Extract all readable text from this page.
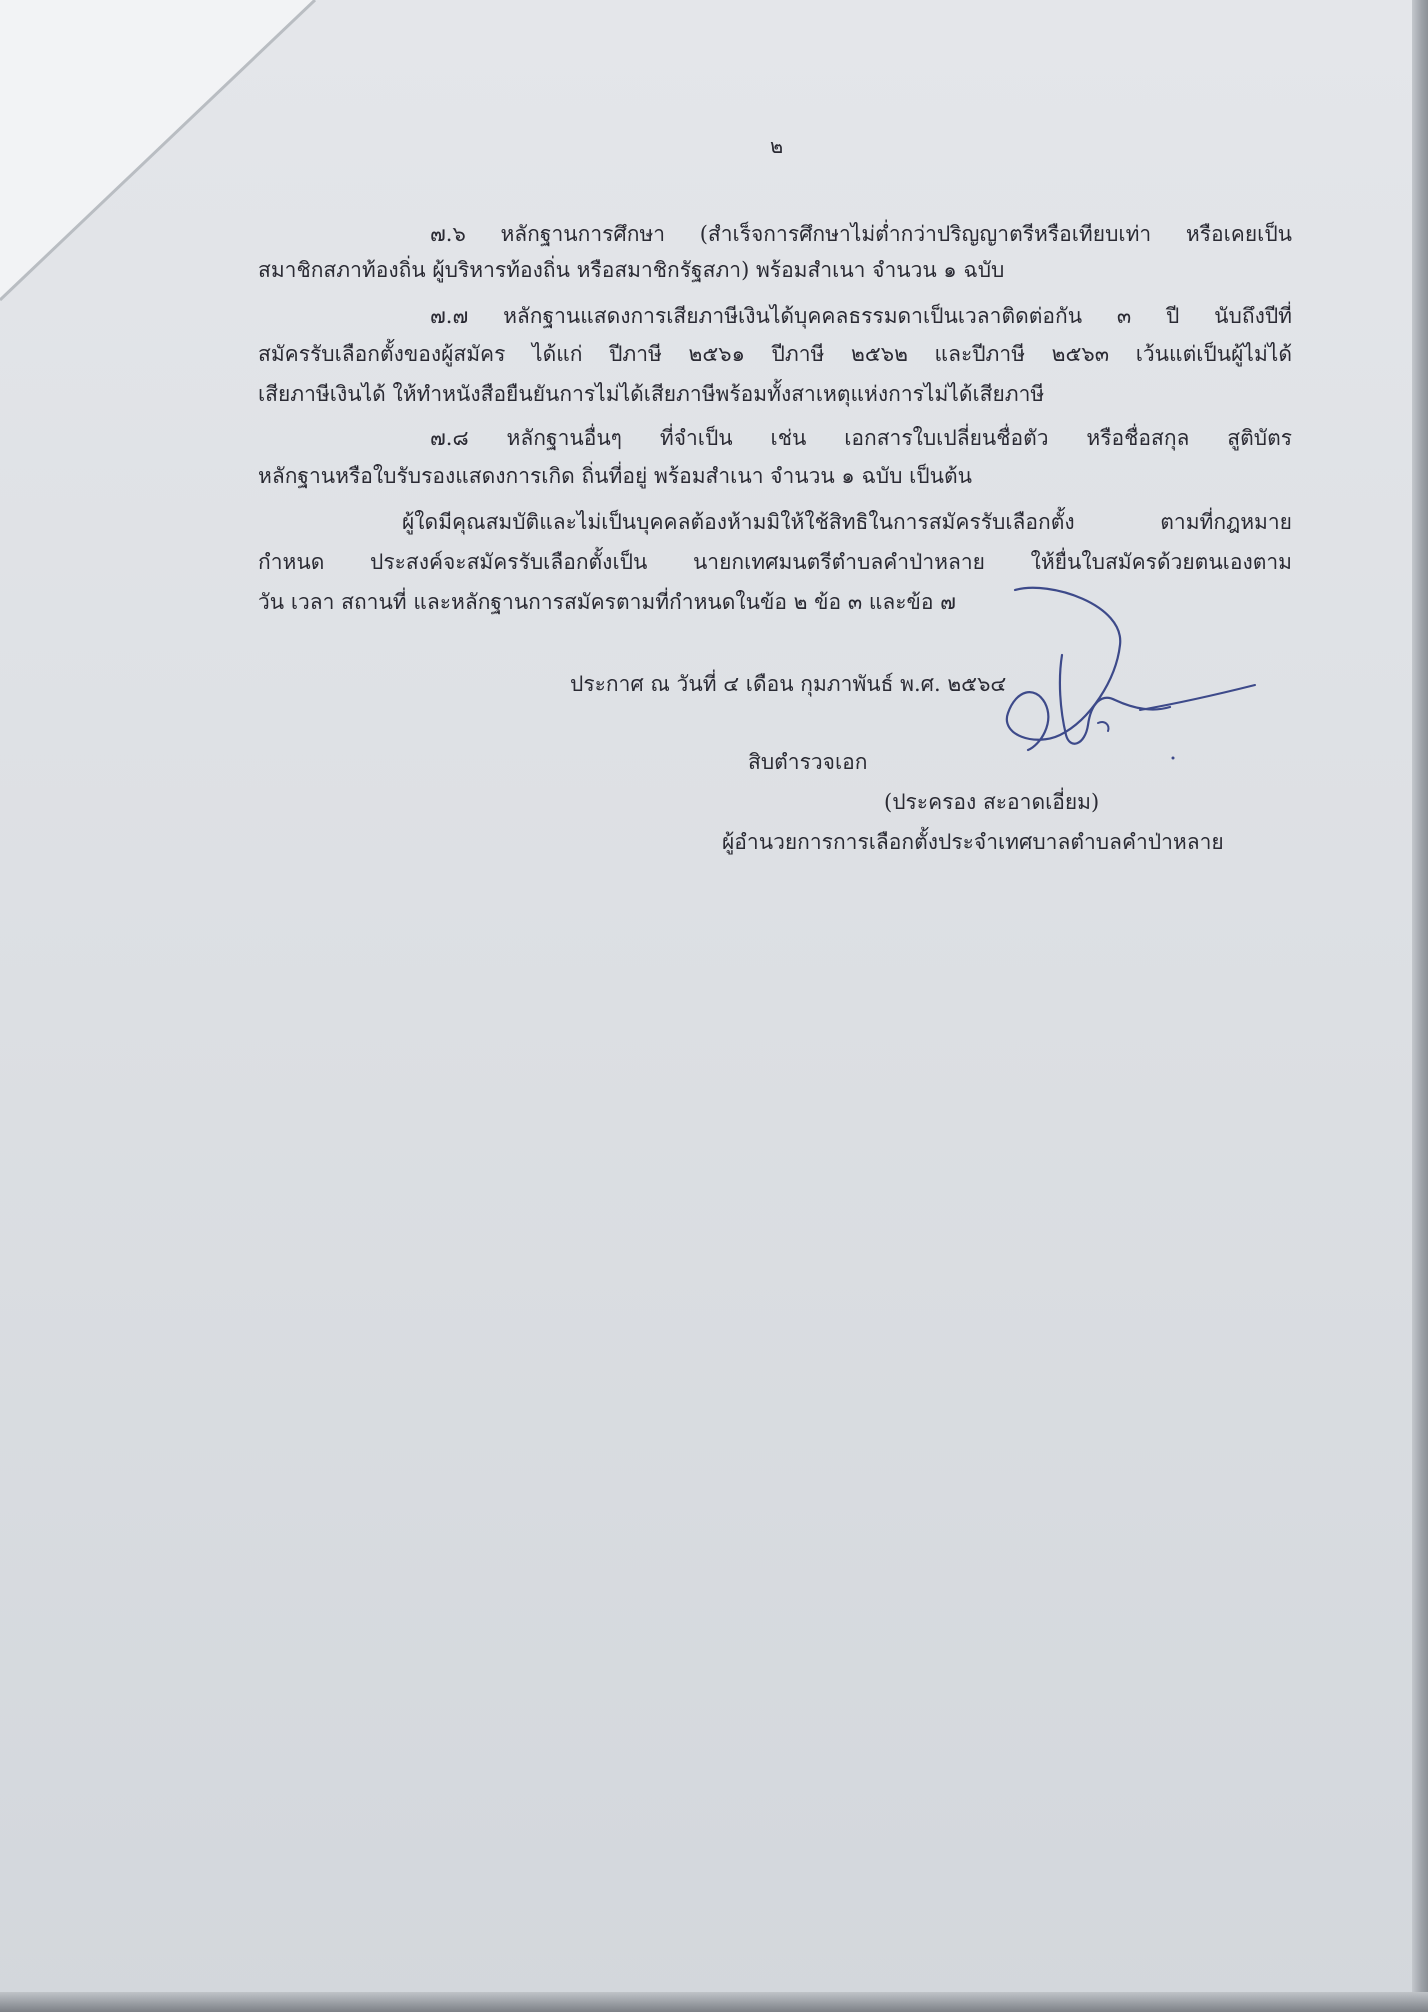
๒
๗.๖ หลักฐานการศึกษา (สำเร็จการศึกษาไม่ต่ำกว่าปริญญาตรีหรือเทียบเท่า หรือเคยเป็น
สมาชิกสภาท้องถิ่น ผู้บริหารท้องถิ่น หรือสมาชิกรัฐสภา) พร้อมสำเนา จำนวน ๑ ฉบับ
๗.๗ หลักฐานแสดงการเสียภาษีเงินได้บุคคลธรรมดาเป็นเวลาติดต่อกัน ๓ ปี นับถึงปีที่
สมัครรับเลือกตั้งของผู้สมัคร ได้แก่ ปีภาษี ๒๕๖๑ ปีภาษี ๒๕๖๒ และปีภาษี ๒๕๖๓ เว้นแต่เป็นผู้ไม่ได้
เสียภาษีเงินได้ ให้ทำหนังสือยืนยันการไม่ได้เสียภาษีพร้อมทั้งสาเหตุแห่งการไม่ได้เสียภาษี
๗.๘ หลักฐานอื่นๆ ที่จำเป็น เช่น เอกสารใบเปลี่ยนชื่อตัว หรือชื่อสกุล สูติบัตร
หลักฐานหรือใบรับรองแสดงการเกิด ถิ่นที่อยู่ พร้อมสำเนา จำนวน ๑ ฉบับ เป็นต้น
ผู้ใดมีคุณสมบัติและไม่เป็นบุคคลต้องห้ามมิให้ใช้สิทธิในการสมัครรับเลือกตั้ง ตามที่กฎหมาย
กำหนด ประสงค์จะสมัครรับเลือกตั้งเป็น นายกเทศมนตรีตำบลคำป่าหลาย ให้ยื่นใบสมัครด้วยตนเองตาม
วัน เวลา สถานที่ และหลักฐานการสมัครตามที่กำหนดในข้อ ๒ ข้อ ๓ และข้อ ๗
ประกาศ ณ วันที่ ๔ เดือน กุมภาพันธ์ พ.ศ. ๒๕๖๔
สิบตำรวจเอก
(ประครอง สะอาดเอี่ยม)
ผู้อำนวยการการเลือกตั้งประจำเทศบาลตำบลคำป่าหลาย
